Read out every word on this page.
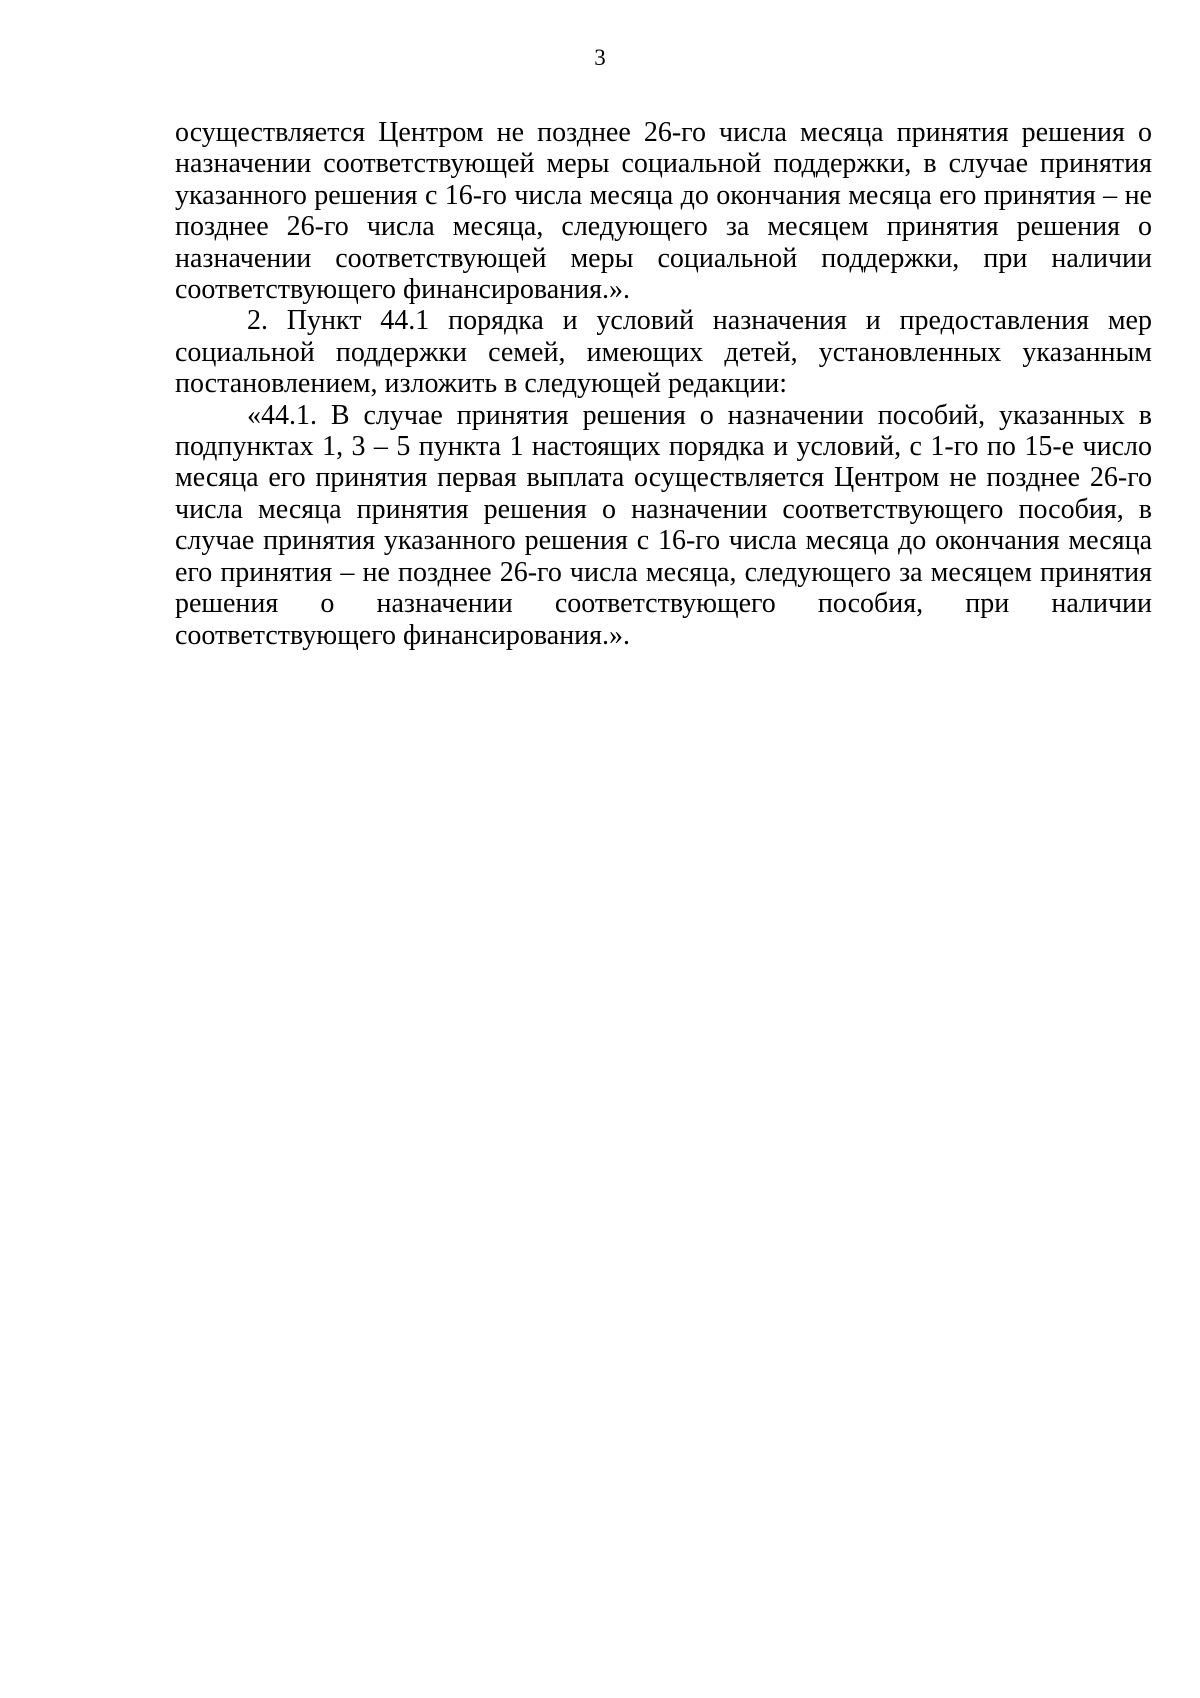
3

осуществляется Центром не позднее 26-го числа месяца принятия решения о назначении соответствующей меры социальной поддержки, в случае принятия указанного решения с 16-го числа месяца до окончания месяца его принятия – не позднее 26-го числа месяца, следующего за месяцем принятия решения о назначении соответствующей меры социальной поддержки, при наличии соответствующего финансирования.».

2. Пункт 44.1 порядка и условий назначения и предоставления мер социальной поддержки семей, имеющих детей, установленных указанным постановлением, изложить в следующей редакции:

«44.1. В случае принятия решения о назначении пособий, указанных в подпунктах 1, 3 – 5 пункта 1 настоящих порядка и условий, с 1-го по 15-е число месяца его принятия первая выплата осуществляется Центром не позднее 26-го числа месяца принятия решения о назначении соответствующего пособия, в случае принятия указанного решения с 16-го числа месяца до окончания месяца его принятия – не позднее 26-го числа месяца, следующего за месяцем принятия решения о назначении соответствующего пособия, при наличии соответствующего финансирования.».
